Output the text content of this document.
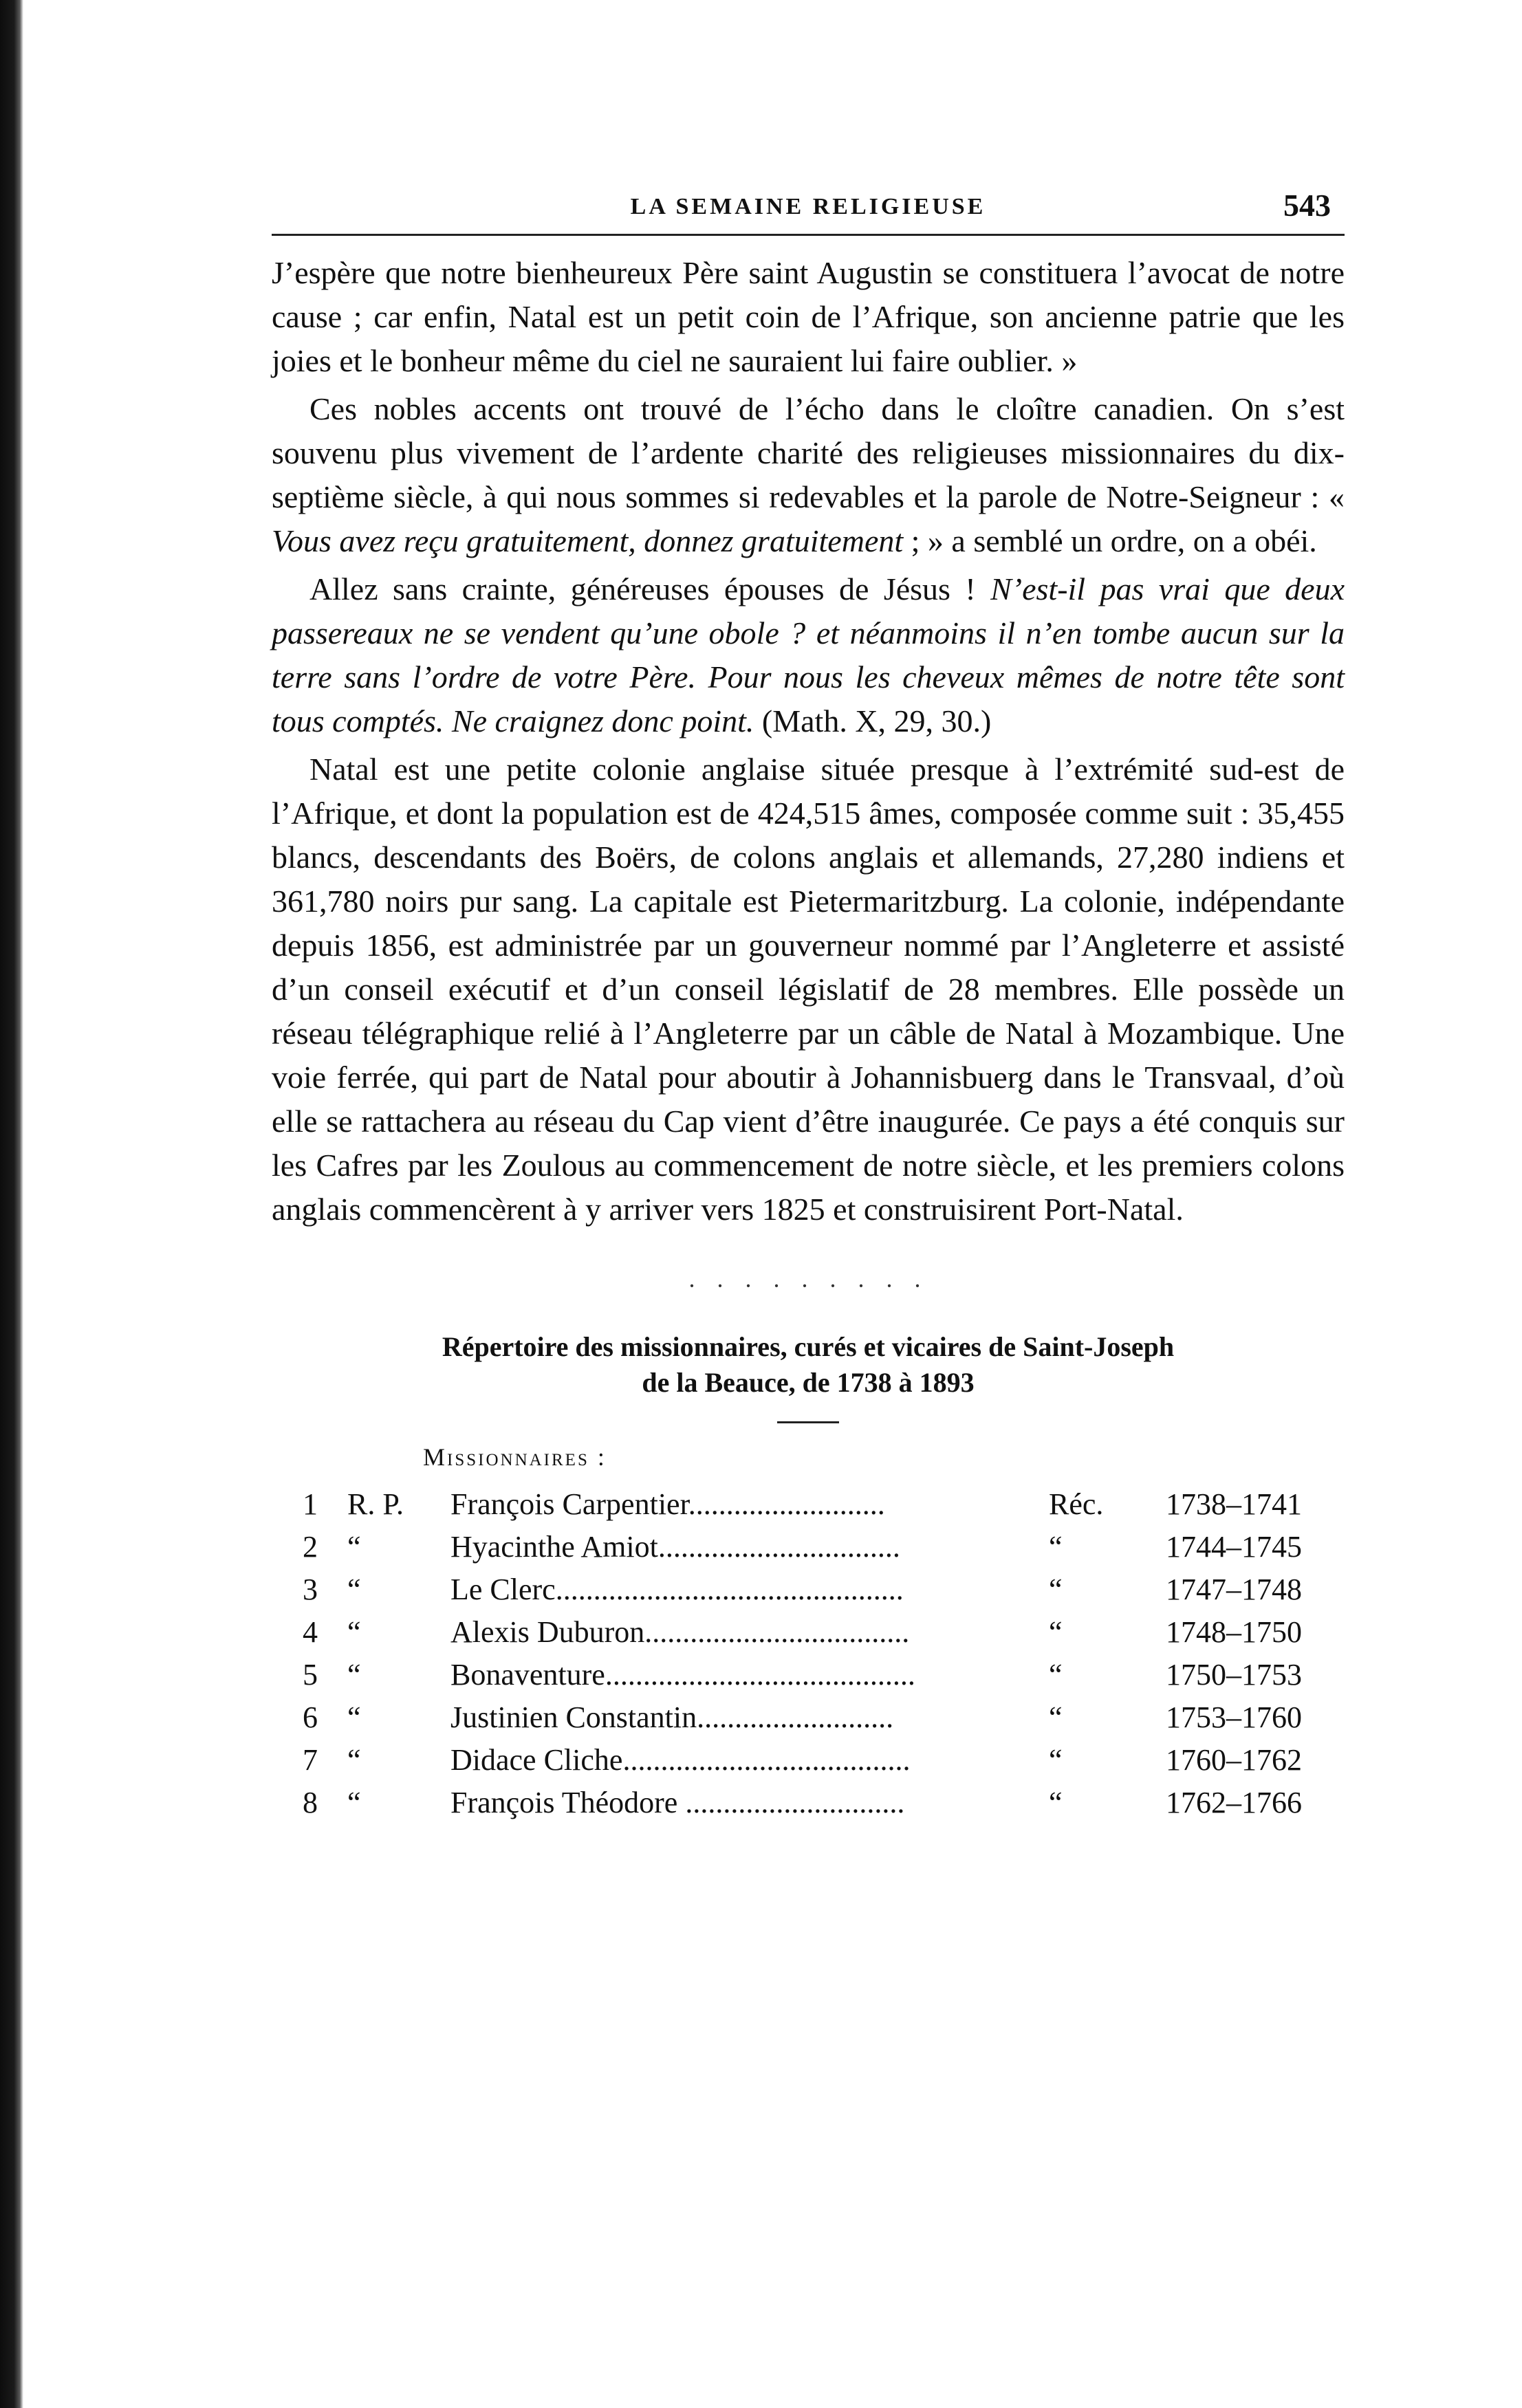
LA SEMAINE RELIGIEUSE	543

J’espère que notre bienheureux Père saint Augustin se constituera l’avocat de notre cause ; car enfin, Natal est un petit coin de l’Afrique, son ancienne patrie que les joies et le bonheur même du ciel ne sauraient lui faire oublier. »

Ces nobles accents ont trouvé de l’écho dans le cloître canadien. On s’est souvenu plus vivement de l’ardente charité des religieuses missionnaires du dix-septième siècle, à qui nous sommes si redevables et la parole de Notre-Seigneur : « Vous avez reçu gratuitement, donnez gratuitement ; » a semblé un ordre, on a obéi.

Allez sans crainte, généreuses épouses de Jésus ! N’est-il pas vrai que deux passereaux ne se vendent qu’une obole ? et néanmoins il n’en tombe aucun sur la terre sans l’ordre de votre Père. Pour nous les cheveux mêmes de notre tête sont tous comptés. Ne craignez donc point. (Math. X, 29, 30.)

Natal est une petite colonie anglaise située presque à l’extrémité sud-est de l’Afrique, et dont la population est de 424,515 âmes, composée comme suit : 35,455 blancs, descendants des Boërs, de colons anglais et allemands, 27,280 indiens et 361,780 noirs pur sang. La capitale est Pietermaritzburg. La colonie, indépendante depuis 1856, est administrée par un gouverneur nommé par l’Angleterre et assisté d’un conseil exécutif et d’un conseil législatif de 28 membres. Elle possède un réseau télégraphique relié à l’Angleterre par un câble de Natal à Mozambique. Une voie ferrée, qui part de Natal pour aboutir à Johannisbuerg dans le Transvaal, d’où elle se rattachera au réseau du Cap vient d’être inaugurée. Ce pays a été conquis sur les Cafres par les Zoulous au commencement de notre siècle, et les premiers colons anglais commencèrent à y arriver vers 1825 et construisirent Port-Natal.

· · · · · · · · ·

Répertoire des missionnaires, curés et vicaires de Saint-Joseph

de la Beauce, de 1738 à 1893

Missionnaires :

1 R. P. François Carpentier..........................	Réc. 1738–1741
2 “	Hyacinthe Amiot................................	“	1744–1745
3 “	Le Clerc..............................................	“	1747–1748
4 “	Alexis Duburon...................................	“	1748–1750
5 “	Bonaventure.........................................	“	1750–1753
6 “	Justinien Constantin..........................	“	1753–1760
7 “	Didace Cliche......................................	“	1760–1762
8 “	François Théodore .............................	“	1762–1766
